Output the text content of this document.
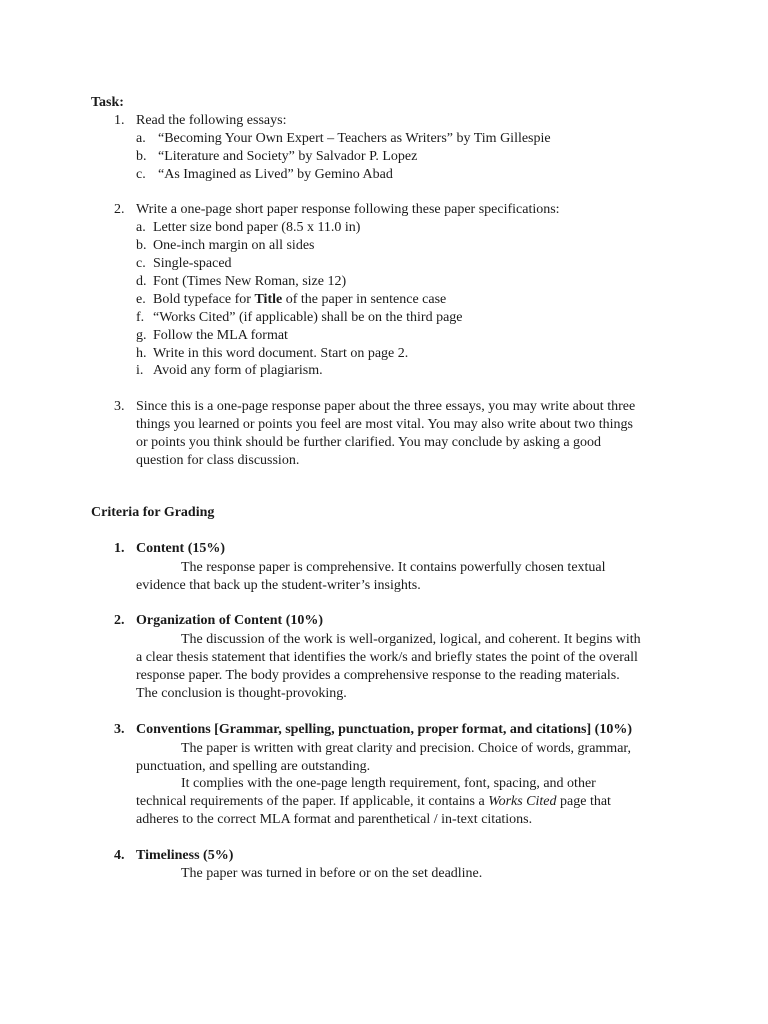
Task:
1. Read the following essays:
a. “Becoming Your Own Expert – Teachers as Writers” by Tim Gillespie
b. “Literature and Society” by Salvador P. Lopez
c. “As Imagined as Lived” by Gemino Abad
2. Write a one-page short paper response following these paper specifications:
a. Letter size bond paper (8.5 x 11.0 in)
b. One-inch margin on all sides
c. Single-spaced
d. Font (Times New Roman, size 12)
e. Bold typeface for Title of the paper in sentence case
f. “Works Cited” (if applicable) shall be on the third page
g. Follow the MLA format
h. Write in this word document. Start on page 2.
i. Avoid any form of plagiarism.
3. Since this is a one-page response paper about the three essays, you may write about three
things you learned or points you feel are most vital. You may also write about two things
or points you think should be further clarified. You may conclude by asking a good
question for class discussion.
Criteria for Grading
1. Content (15%)
The response paper is comprehensive. It contains powerfully chosen textual
evidence that back up the student-writer’s insights.
2. Organization of Content (10%)
The discussion of the work is well-organized, logical, and coherent. It begins with
a clear thesis statement that identifies the work/s and briefly states the point of the overall
response paper. The body provides a comprehensive response to the reading materials.
The conclusion is thought-provoking.
3. Conventions [Grammar, spelling, punctuation, proper format, and citations] (10%)
The paper is written with great clarity and precision. Choice of words, grammar,
punctuation, and spelling are outstanding.
It complies with the one-page length requirement, font, spacing, and other
technical requirements of the paper. If applicable, it contains a Works Cited page that
adheres to the correct MLA format and parenthetical / in-text citations.
4. Timeliness (5%)
The paper was turned in before or on the set deadline.
